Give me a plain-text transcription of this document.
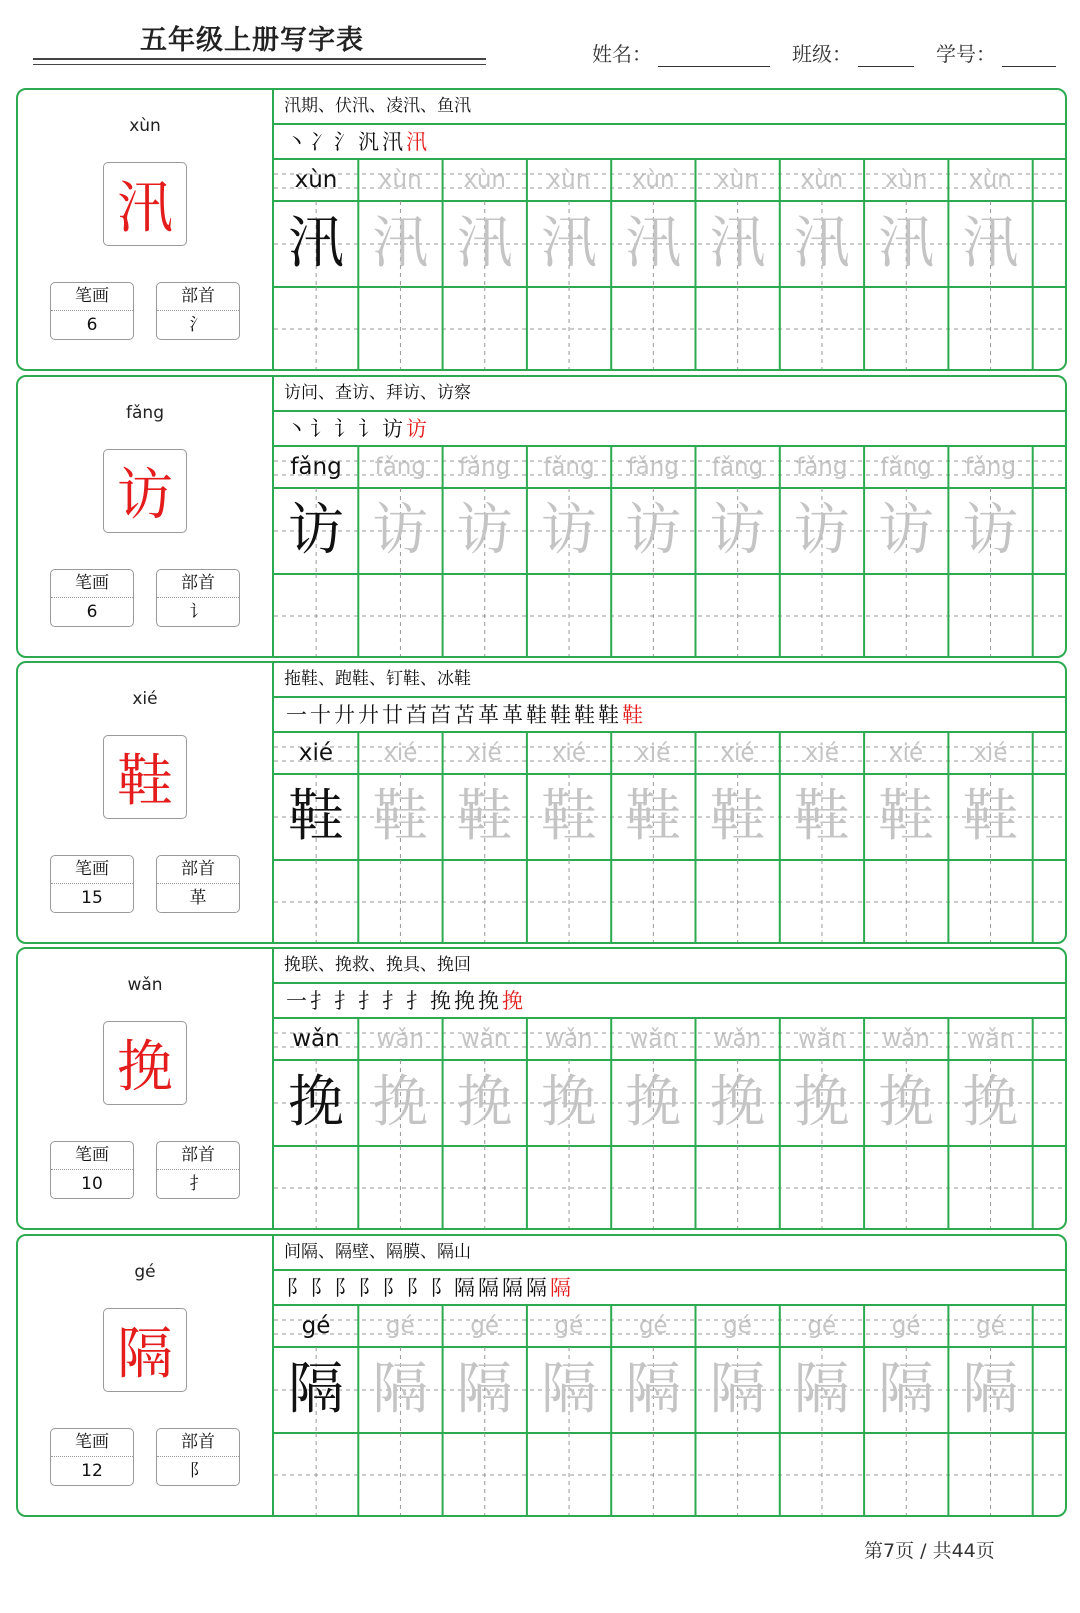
五年级上册写字表	姓名：	班级：	学号：
xùn
汛
笔画
6
部首
氵
汛期、伏汛、凌汛、鱼汛
丶 冫 氵 汎 汛 汛
xùn
汛
xùn
汛
xùn
汛
xùn
汛
xùn
汛
xùn
汛
xùn
汛
xùn
汛
xùn
汛
fǎng
访
笔画
6
部首
讠
访问、查访、拜访、访察
丶 讠 讠 讠 访 访
fǎng
访
fǎng
访
fǎng
访
fǎng
访
fǎng
访
fǎng
访
fǎng
访
fǎng
访
fǎng
访
xié
鞋
笔画
15
部首
革
拖鞋、跑鞋、钉鞋、冰鞋
一 十 廾 廾 廿 苩 苩 苫 革 革 鞋 鞋 鞋 鞋 鞋
xié
鞋
xié
鞋
xié
鞋
xié
鞋
xié
鞋
xié
鞋
xié
鞋
xié
鞋
xié
鞋
wǎn
挽
笔画
10
部首
扌
挽联、挽救、挽具、挽回
一 扌 扌 扌 扌 扌 挽 挽 挽 挽
wǎn
挽
wǎn
挽
wǎn
挽
wǎn
挽
wǎn
挽
wǎn
挽
wǎn
挽
wǎn
挽
wǎn
挽
gé
隔
笔画
12
部首
阝
间隔、隔壁、隔膜、隔山
阝 阝 阝 阝 阝 阝 阝 隔 隔 隔 隔 隔
gé
隔
gé
隔
gé
隔
gé
隔
gé
隔
gé
隔
gé
隔
gé
隔
gé
隔
第7页 / 共44页
